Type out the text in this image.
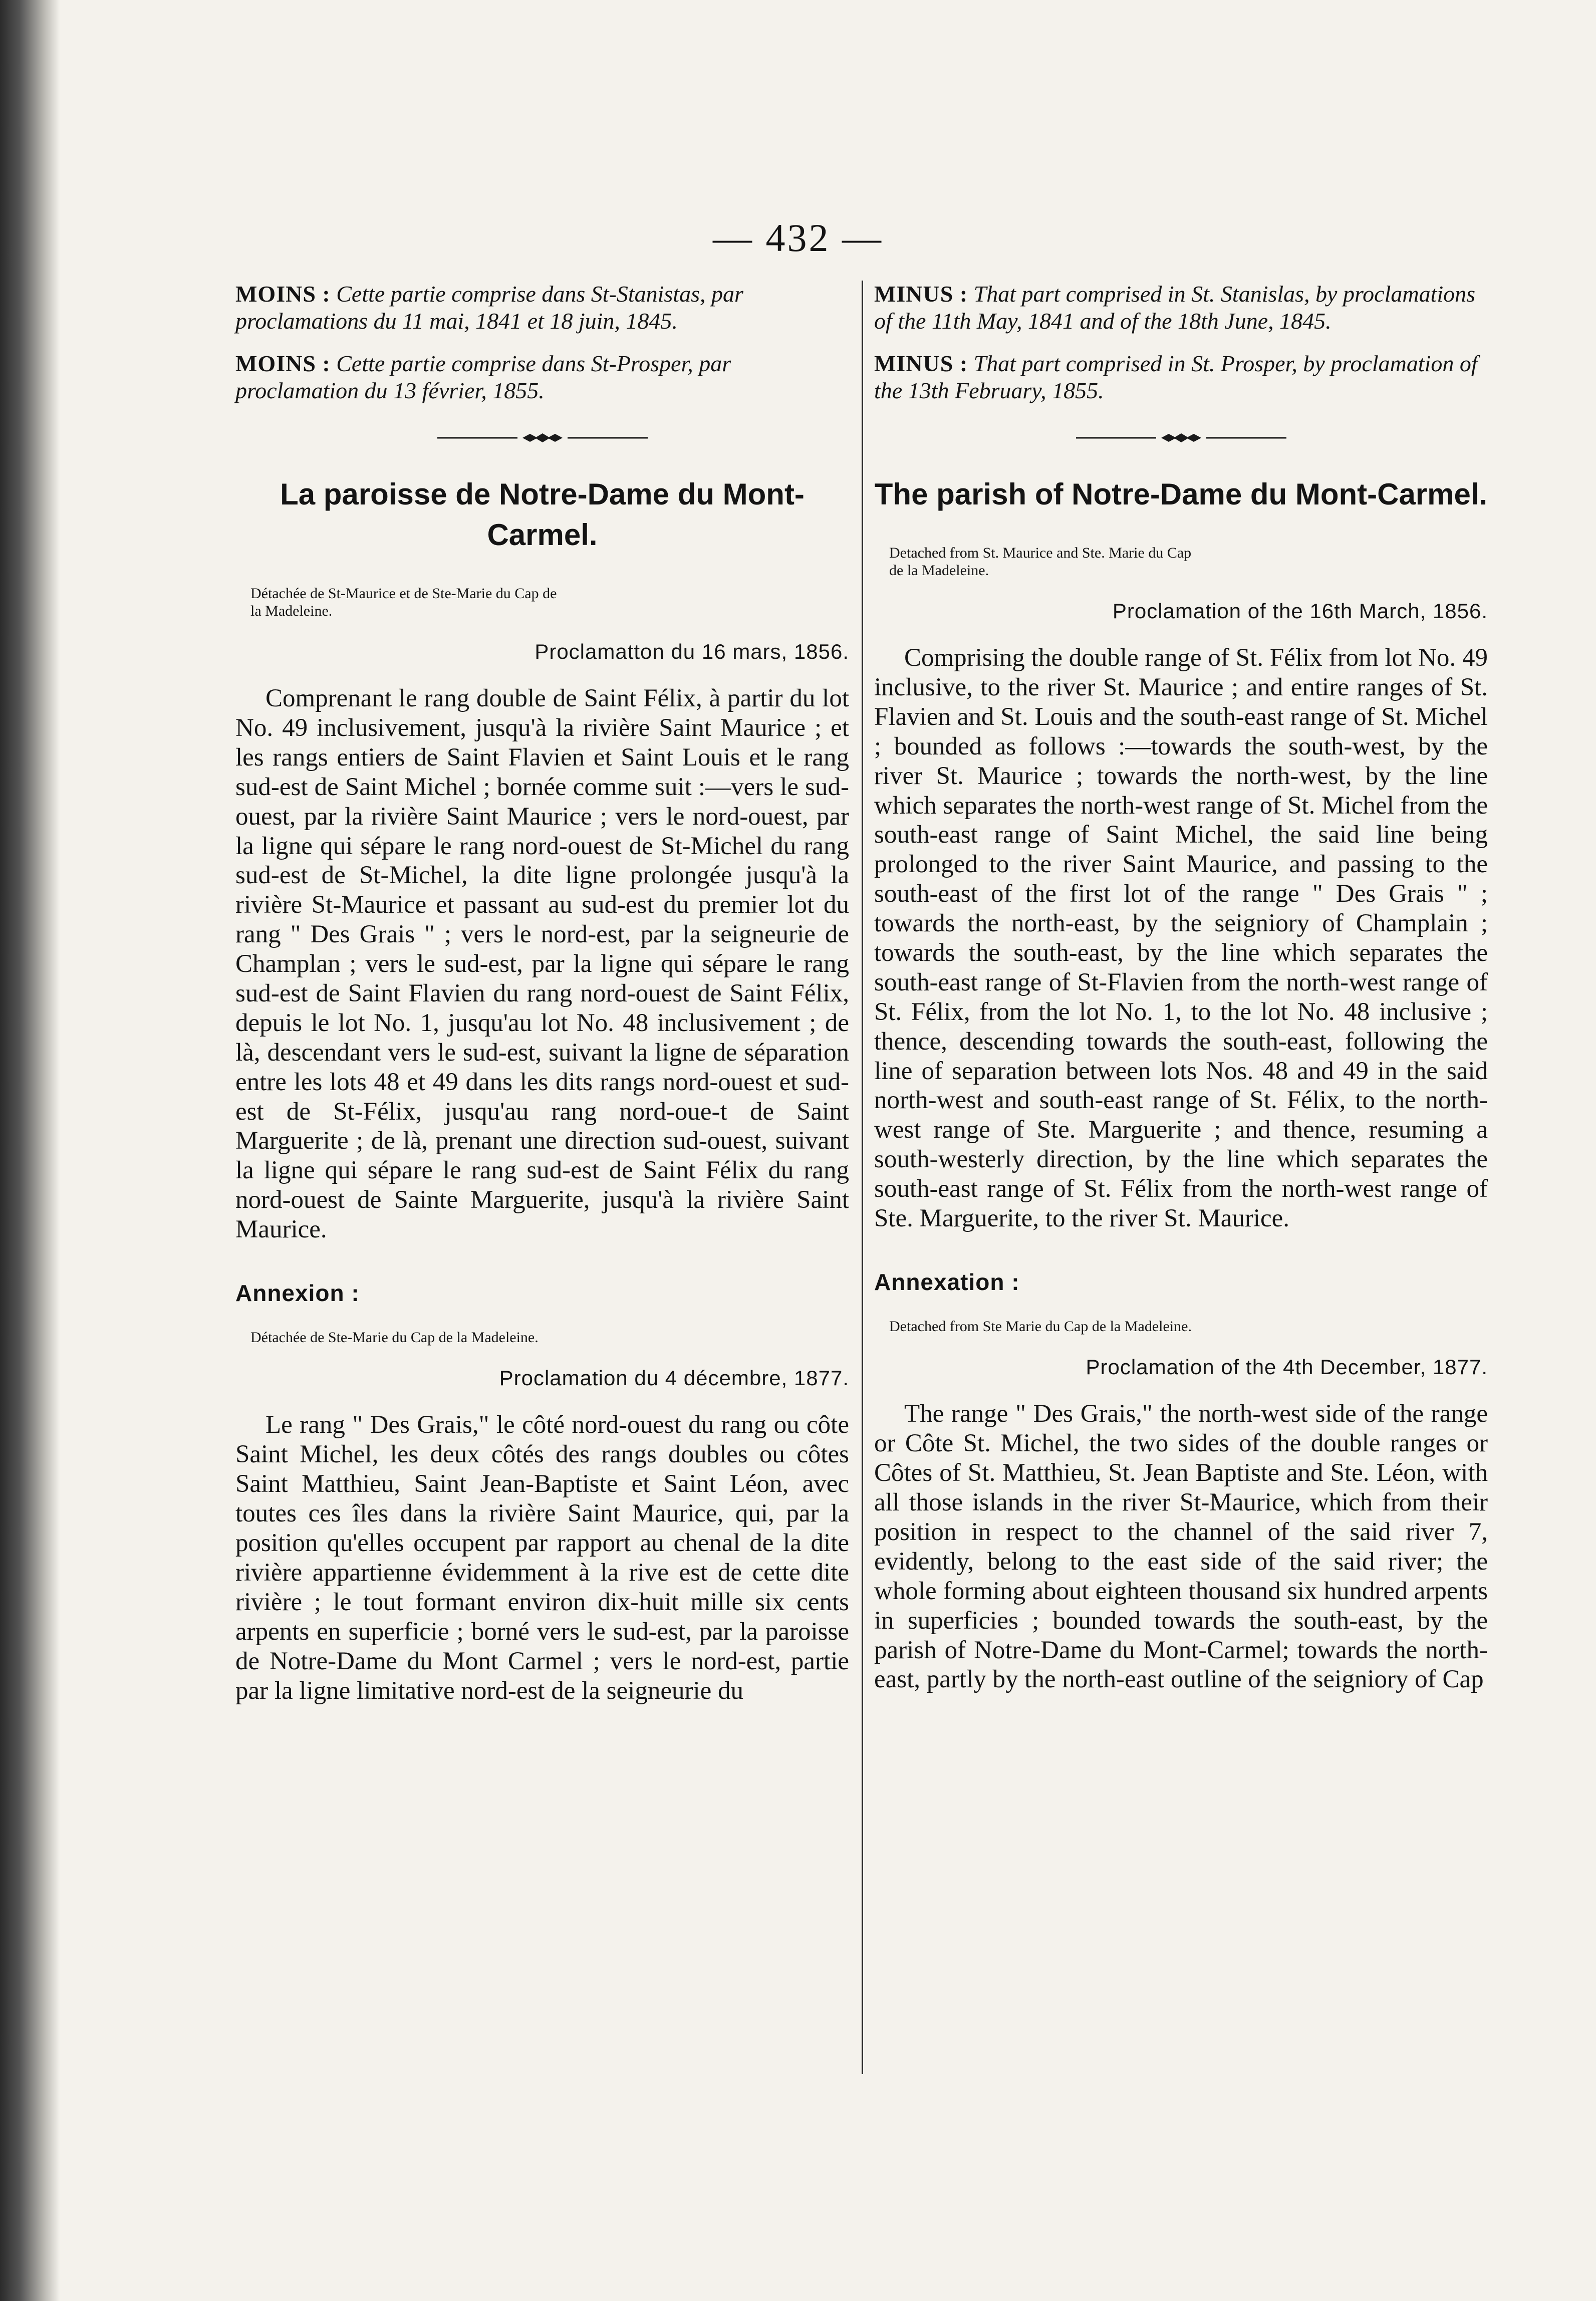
— 432 —

MOINS : Cette partie comprise dans St-Stanistas, par proclamations du 11 mai, 1841 et 18 juin, 1845.

MOINS : Cette partie comprise dans St-Prosper, par proclamation du 13 février, 1855.

La paroisse de Notre-Dame du Mont-Carmel.
Détachée de St-Maurice et de Ste-Marie du Cap de la Madeleine.
Proclamatton du 16 mars, 1856.

Comprenant le rang double de Saint Félix, à partir du lot No. 49 inclusivement, jusqu'à la rivière Saint Maurice ; et les rangs entiers de Saint Flavien et Saint Louis et le rang sud-est de Saint Michel ; bornée comme suit :—vers le sud-ouest, par la rivière Saint Maurice ; vers le nord-ouest, par la ligne qui sépare le rang nord-ouest de St-Michel du rang sud-est de St-Michel, la dite ligne prolongée jusqu'à la rivière St-Maurice et passant au sud-est du premier lot du rang " Des Grais " ; vers le nord-est, par la seigneurie de Champlan ; vers le sud-est, par la ligne qui sépare le rang sud-est de Saint Flavien du rang nord-ouest de Saint Félix, depuis le lot No. 1, jusqu'au lot No. 48 inclusivement ; de là, descendant vers le sud-est, suivant la ligne de séparation entre les lots 48 et 49 dans les dits rangs nord-ouest et sud-est de St-Félix, jusqu'au rang nord-oue-t de Saint Marguerite ; de là, prenant une direction sud-ouest, suivant la ligne qui sépare le rang sud-est de Saint Félix du rang nord-ouest de Sainte Marguerite, jusqu'à la rivière Saint Maurice.

Annexion :
Détachée de Ste-Marie du Cap de la Madeleine.
Proclamation du 4 décembre, 1877.

Le rang " Des Grais," le côté nord-ouest du rang ou côte Saint Michel, les deux côtés des rangs doubles ou côtes Saint Matthieu, Saint Jean-Baptiste et Saint Léon, avec toutes ces îles dans la rivière Saint Maurice, qui, par la position qu'elles occupent par rapport au chenal de la dite rivière appartienne évidemment à la rive est de cette dite rivière ; le tout formant environ dix-huit mille six cents arpents en superficie ; borné vers le sud-est, par la paroisse de Notre-Dame du Mont Carmel ; vers le nord-est, partie par la ligne limitative nord-est de la seigneurie du

MINUS : That part comprised in St. Stanislas, by proclamations of the 11th May, 1841 and of the 18th June, 1845.

MINUS : That part comprised in St. Prosper, by proclamation of the 13th February, 1855.

The parish of Notre-Dame du Mont-Carmel.
Detached from St. Maurice and Ste. Marie du Cap de la Madeleine.
Proclamation of the 16th March, 1856.

Comprising the double range of St. Félix from lot No. 49 inclusive, to the river St. Maurice ; and entire ranges of St. Flavien and St. Louis and the south-east range of St. Michel ; bounded as follows :—towards the south-west, by the river St. Maurice ; towards the north-west, by the line which separates the north-west range of St. Michel from the south-east range of Saint Michel, the said line being prolonged to the river Saint Maurice, and passing to the south-east of the first lot of the range " Des Grais " ; towards the north-east, by the seigniory of Champlain ; towards the south-east, by the line which separates the south-east range of St-Flavien from the north-west range of St. Félix, from the lot No. 1, to the lot No. 48 inclusive ; thence, descending towards the south-east, following the line of separation between lots Nos. 48 and 49 in the said north-west and south-east range of St. Félix, to the north-west range of Ste. Marguerite ; and thence, resuming a south-westerly direction, by the line which separates the south-east range of St. Félix from the north-west range of Ste. Marguerite, to the river St. Maurice.

Annexation :
Detached from Ste Marie du Cap de la Madeleine.
Proclamation of the 4th December, 1877.

The range " Des Grais," the north-west side of the range or Côte St. Michel, the two sides of the double ranges or Côtes of St. Matthieu, St. Jean Baptiste and Ste. Léon, with all those islands in the river St-Maurice, which from their position in respect to the channel of the said river 7, evidently, belong to the east side of the said river; the whole forming about eighteen thousand six hundred arpents in superficies ; bounded towards the south-east, by the parish of Notre-Dame du Mont-Carmel; towards the north-east, partly by the north-east outline of the seigniory of Cap
